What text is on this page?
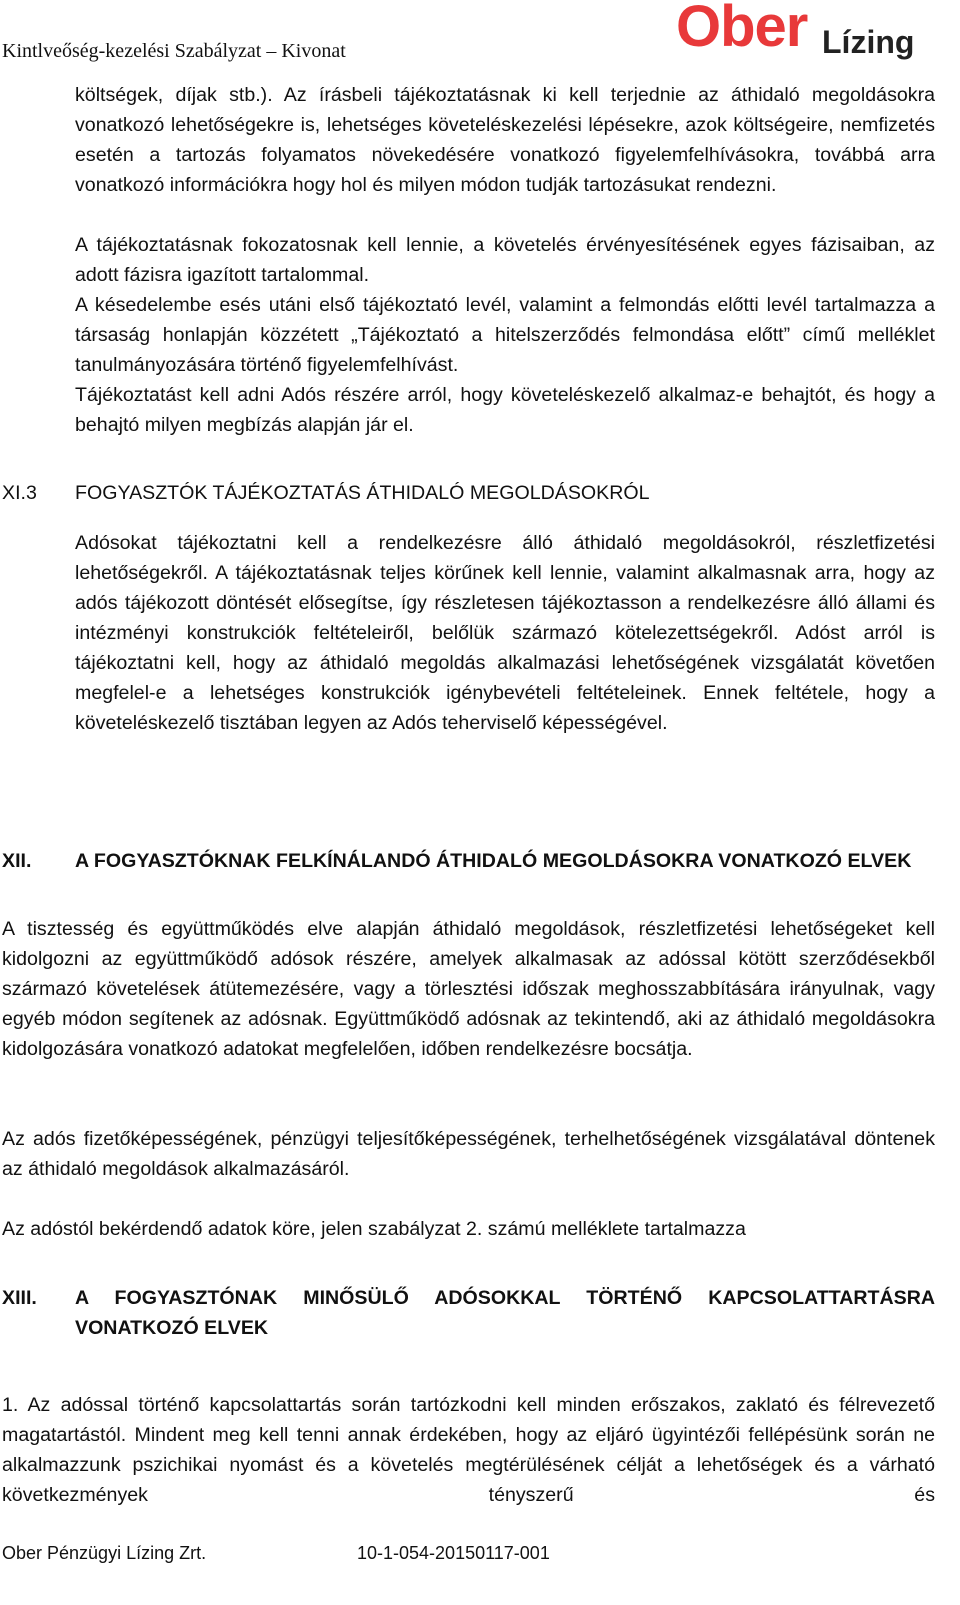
Kintlveőség-kezelési Szabályzat – Kivonat	Ober Lízing

költségek, díjak stb.). Az írásbeli tájékoztatásnak ki kell terjednie az áthidaló megoldásokra vonatkozó lehetőségekre is, lehetséges követeléskezelési lépésekre, azok költségeire, nemfizetés esetén a tartozás folyamatos növekedésére vonatkozó figyelemfelhívásokra, továbbá arra vonatkozó információkra hogy hol és milyen módon tudják tartozásukat rendezni.

A tájékoztatásnak fokozatosnak kell lennie, a követelés érvényesítésének egyes fázisaiban, az adott fázisra igazított tartalommal.

A késedelembe esés utáni első tájékoztató levél, valamint a felmondás előtti levél tartalmazza a társaság honlapján közzétett „Tájékoztató a hitelszerződés felmondása előtt” című melléklet tanulmányozására történő figyelemfelhívást.

Tájékoztatást kell adni Adós részére arról, hogy követeléskezelő alkalmaz-e behajtót, és hogy a behajtó milyen megbízás alapján jár el.

XI.3 FOGYASZTÓK TÁJÉKOZTATÁS ÁTHIDALÓ MEGOLDÁSOKRÓL

Adósokat tájékoztatni kell a rendelkezésre álló áthidaló megoldásokról, részletfizetési lehetőségekről. A tájékoztatásnak teljes körűnek kell lennie, valamint alkalmasnak arra, hogy az adós tájékozott döntését elősegítse, így részletesen tájékoztasson a rendelkezésre álló állami és intézményi konstrukciók feltételeiről, belőlük származó kötelezettségekről. Adóst arról is tájékoztatni kell, hogy az áthidaló megoldás alkalmazási lehetőségének vizsgálatát követően megfelel-e a lehetséges konstrukciók igénybevételi feltételeinek. Ennek feltétele, hogy a követeléskezelő tisztában legyen az Adós teherviselő képességével.

XII. A FOGYASZTÓKNAK FELKÍNÁLANDÓ ÁTHIDALÓ MEGOLDÁSOKRA VONATKOZÓ ELVEK

A tisztesség és együttműködés elve alapján áthidaló megoldások, részletfizetési lehetőségeket kell kidolgozni az együttműködő adósok részére, amelyek alkalmasak az adóssal kötött szerződésekből származó követelések átütemezésére, vagy a törlesztési időszak meghosszabbítására irányulnak, vagy egyéb módon segítenek az adósnak. Együttműködő adósnak az tekintendő, aki az áthidaló megoldásokra kidolgozására vonatkozó adatokat megfelelően, időben rendelkezésre bocsátja.

Az adós fizetőképességének, pénzügyi teljesítőképességének, terhelhetőségének vizsgálatával döntenek az áthidaló megoldások alkalmazásáról.

Az adóstól bekérdendő adatok köre, jelen szabályzat 2. számú melléklete tartalmazza

XIII. A FOGYASZTÓNAK MINŐSÜLŐ ADÓSOKKAL TÖRTÉNŐ KAPCSOLATTARTÁSRA VONATKOZÓ ELVEK

1. Az adóssal történő kapcsolattartás során tartózkodni kell minden erőszakos, zaklató és félrevezető magatartástól. Mindent meg kell tenni annak érdekében, hogy az eljáró ügyintézői fellépésünk során ne alkalmazzunk pszichikai nyomást és a követelés megtérülésének célját a lehetőségek és a várható következmények tényszerű és

Ober Pénzügyi Lízing Zrt.	10-1-054-20150117-001
